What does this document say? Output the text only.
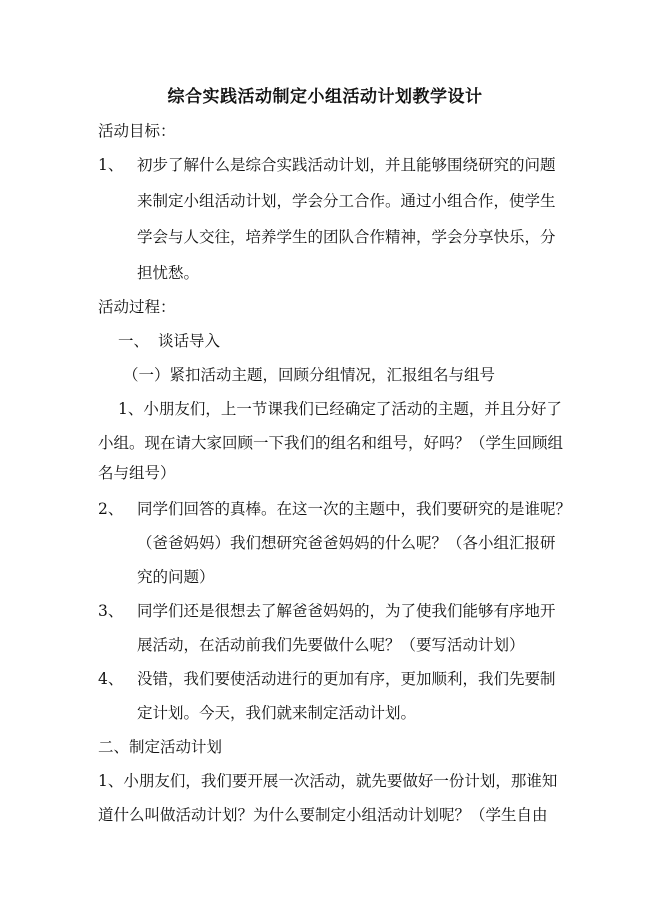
综合实践活动制定小组活动计划教学设计
活动目标：
1、 初步了解什么是综合实践活动计划，并且能够围绕研究的问题
来制定小组活动计划，学会分工合作。通过小组合作，使学生
学会与人交往，培养学生的团队合作精神，学会分享快乐，分
担忧愁。
活动过程：
一、 谈话导入
（一）紧扣活动主题，回顾分组情况，汇报组名与组号
1、小朋友们，上一节课我们已经确定了活动的主题，并且分好了
小组。现在请大家回顾一下我们的组名和组号，好吗？（学生回顾组
名与组号）
2、 同学们回答的真棒。在这一次的主题中，我们要研究的是谁呢？
（爸爸妈妈）我们想研究爸爸妈妈的什么呢？（各小组汇报研
究的问题）
3、 同学们还是很想去了解爸爸妈妈的，为了使我们能够有序地开
展活动，在活动前我们先要做什么呢？（要写活动计划）
4、 没错，我们要使活动进行的更加有序，更加顺利，我们先要制
定计划。今天，我们就来制定活动计划。
二、制定活动计划
1、小朋友们，我们要开展一次活动，就先要做好一份计划，那谁知
道什么叫做活动计划？为什么要制定小组活动计划呢？（学生自由
